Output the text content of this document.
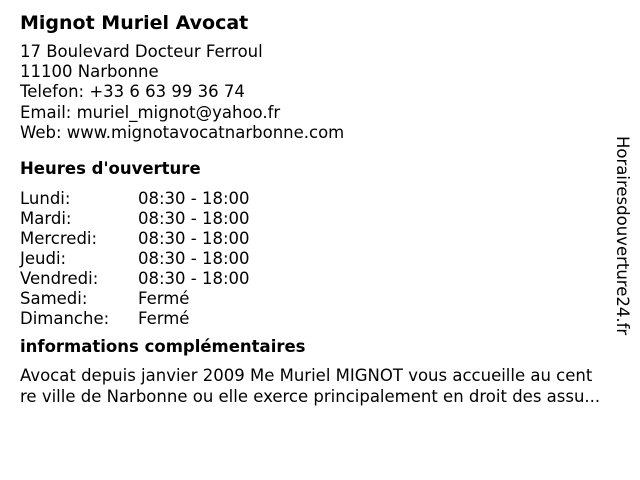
Mignot Muriel Avocat
17 Boulevard Docteur Ferroul
11100 Narbonne
Telefon: +33 6 63 99 36 74
Email: muriel_mignot@yahoo.fr
Web: www.mignotavocatnarbonne.com
Heures d'ouverture
Lundi:	08:30 - 18:00
Mardi:	08:30 - 18:00
Mercredi:	08:30 - 18:00
Jeudi:	08:30 - 18:00
Vendredi:	08:30 - 18:00
Samedi:	Fermé
Dimanche:	Fermé
informations complémentaires
Avocat depuis janvier 2009 Me Muriel MIGNOT vous accueille au cent
re ville de Narbonne ou elle exerce principalement en droit des assu...
Horairesdouverture24.fr
